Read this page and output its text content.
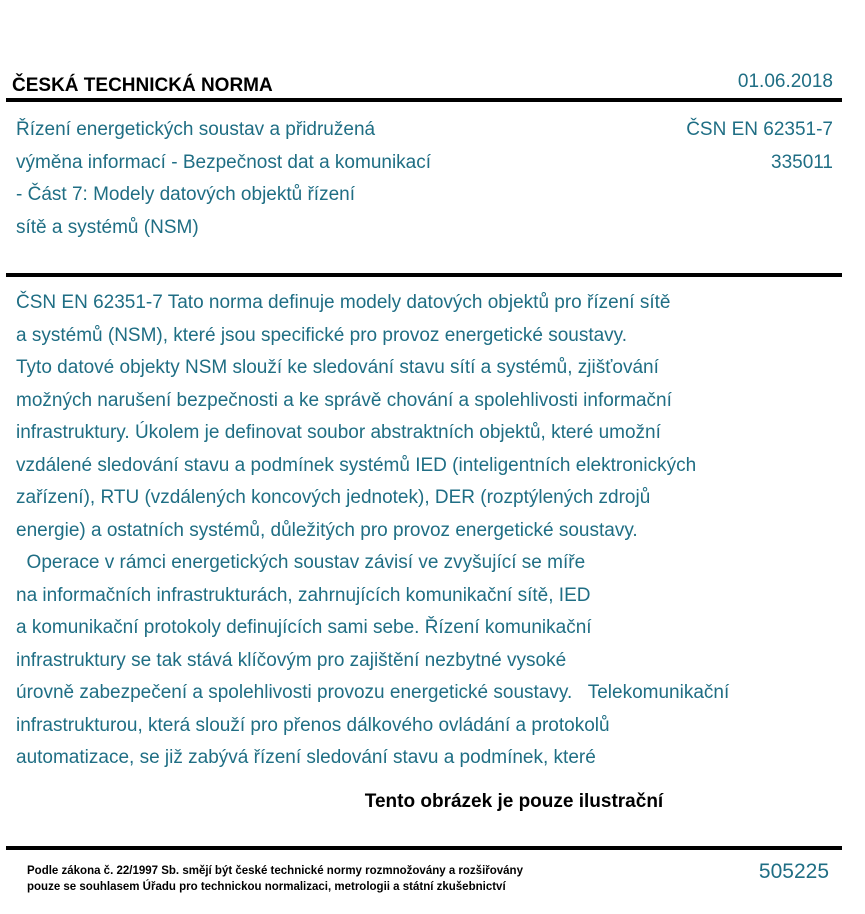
ČESKÁ TECHNICKÁ NORMA	01.06.2018
Řízení energetických soustav a přidružená
výměna informací - Bezpečnost dat a komunikací
- Část 7: Modely datových objektů řízení
sítě a systémů (NSM)
ČSN EN 62351-7
335011
ČSN EN 62351-7 Tato norma definuje modely datových objektů pro řízení sítě
a systémů (NSM), které jsou specifické pro provoz energetické soustavy.
Tyto datové objekty NSM slouží ke sledování stavu sítí a systémů, zjišťování
možných narušení bezpečnosti a ke správě chování a spolehlivosti informační
infrastruktury. Úkolem je definovat soubor abstraktních objektů, které umožní
vzdálené sledování stavu a podmínek systémů IED (inteligentních elektronických
zařízení), RTU (vzdálených koncových jednotek), DER (rozptýlených zdrojů
energie) a ostatních systémů, důležitých pro provoz energetické soustavy.
Operace v rámci energetických soustav závisí ve zvyšující se míře
na informačních infrastrukturách, zahrnujících komunikační sítě, IED
a komunikační protokoly definujících sami sebe. Řízení komunikační
infrastruktury se tak stává klíčovým pro zajištění nezbytné vysoké
úrovně zabezpečení a spolehlivosti provozu energetické soustavy.   Telekomunikační
infrastrukturou, která slouží pro přenos dálkového ovládání a protokolů
automatizace, se již zabývá řízení sledování stavu a podmínek, které
Tento obrázek je pouze ilustrační
Podle zákona č. 22/1997 Sb. smějí být české technické normy rozmnožovány a rozšiřovány
pouze se souhlasem Úřadu pro technickou normalizaci, metrologii a státní zkušebnictví
505225
